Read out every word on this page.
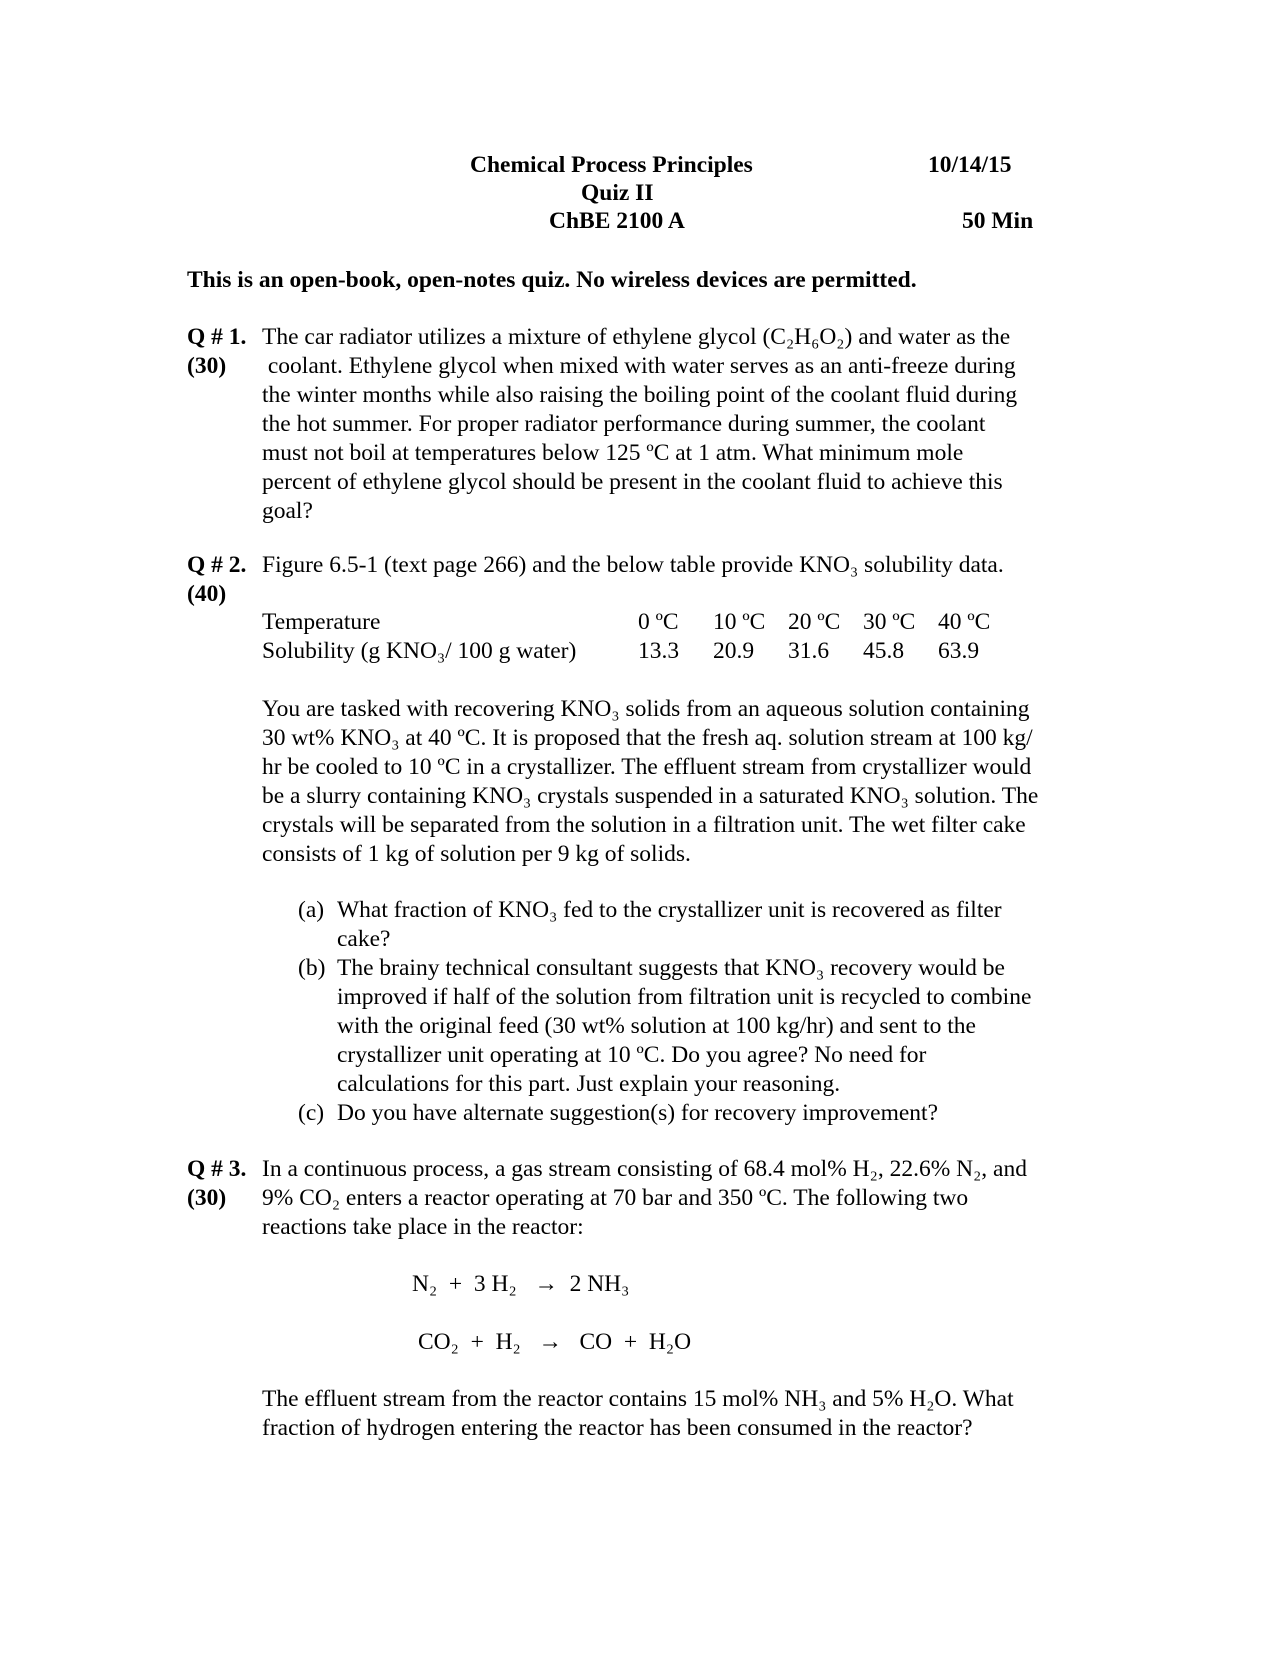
Chemical Process Principles	10/14/15
Quiz II
ChBE 2100 A	50 Min
This is an open-book, open-notes quiz. No wireless devices are permitted.
Q # 1.
(30)
The car radiator utilizes a mixture of ethylene glycol (C₂H₆O₂) and water as the
coolant. Ethylene glycol when mixed with water serves as an anti-freeze during
the winter months while also raising the boiling point of the coolant fluid during
the hot summer. For proper radiator performance during summer, the coolant
must not boil at temperatures below 125 ºC at 1 atm. What minimum mole
percent of ethylene glycol should be present in the coolant fluid to achieve this
goal?
Q # 2.
(40)
Figure 6.5-1 (text page 266) and the below table provide KNO₃ solubility data.
Temperature	0 ºC	10 ºC	20 ºC	30 ºC	40 ºC
Solubility (g KNO₃/ 100 g water)	13.3	20.9	31.6	45.8	63.9
You are tasked with recovering KNO₃ solids from an aqueous solution containing
30 wt% KNO₃ at 40 ºC. It is proposed that the fresh aq. solution stream at 100 kg/
hr be cooled to 10 ºC in a crystallizer. The effluent stream from crystallizer would
be a slurry containing KNO₃ crystals suspended in a saturated KNO₃ solution. The
crystals will be separated from the solution in a filtration unit. The wet filter cake
consists of 1 kg of solution per 9 kg of solids.
(a) What fraction of KNO₃ fed to the crystallizer unit is recovered as filter
cake?
(b) The brainy technical consultant suggests that KNO₃ recovery would be
improved if half of the solution from filtration unit is recycled to combine
with the original feed (30 wt% solution at 100 kg/hr) and sent to the
crystallizer unit operating at 10 ºC. Do you agree? No need for
calculations for this part. Just explain your reasoning.
(c) Do you have alternate suggestion(s) for recovery improvement?
Q # 3.
(30)
In a continuous process, a gas stream consisting of 68.4 mol% H₂, 22.6% N₂, and
9% CO₂ enters a reactor operating at 70 bar and 350 ºC. The following two
reactions take place in the reactor:
N₂  +  3 H₂   →  2 NH₃
CO₂  +  H₂   →   CO  +  H₂O
The effluent stream from the reactor contains 15 mol% NH₃ and 5% H₂O. What
fraction of hydrogen entering the reactor has been consumed in the reactor?
